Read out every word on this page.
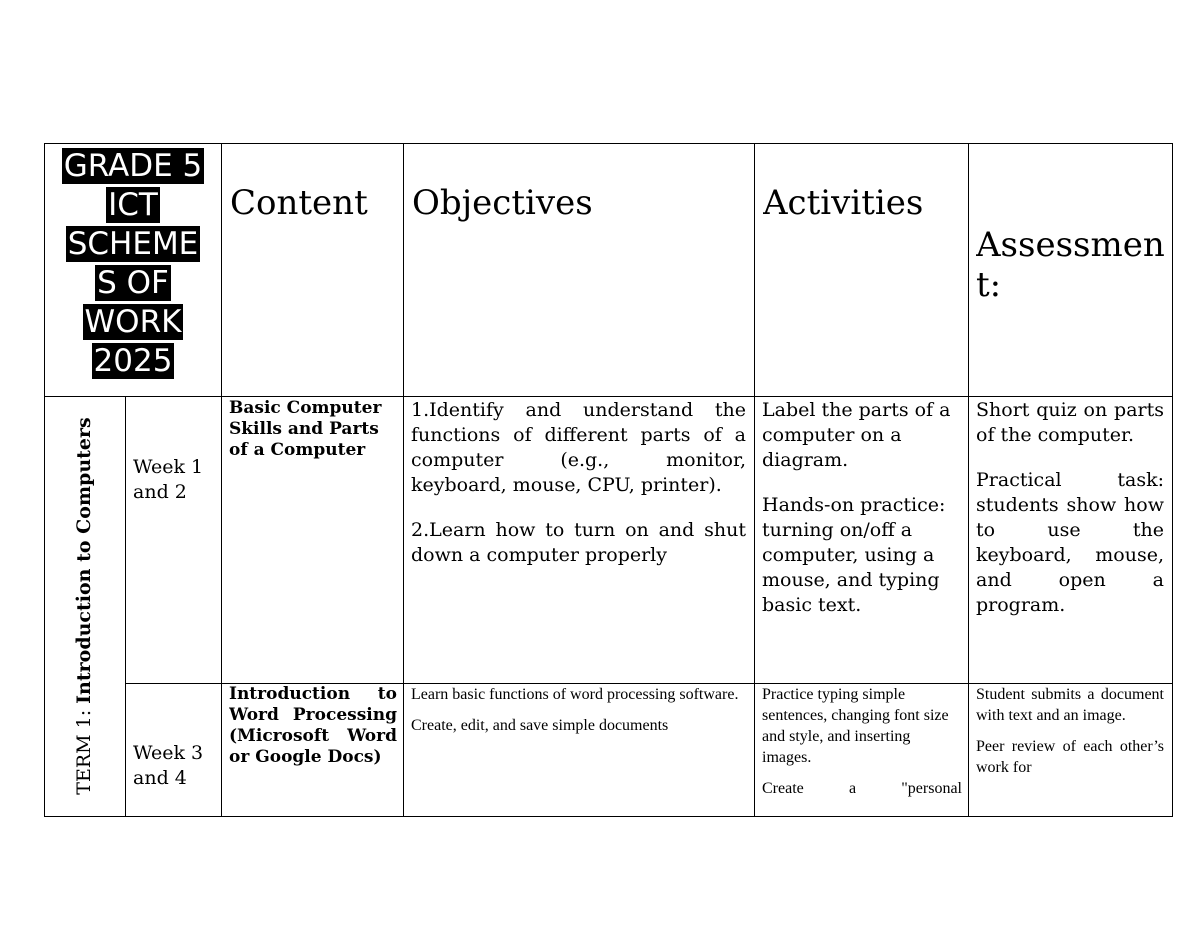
GRADE 5
ICT
SCHEME
S OF
WORK
2025
Content	Objectives	Activities
Assessmen
t:
TERM 1: Introduction to Computers Week 1 and 2
Basic Computer Skills and Parts of a Computer

1.Identify and understand the functions of different parts of a computer (e.g., monitor, keyboard, mouse, CPU, printer).

2.Learn how to turn on and shut down a computer properly

Label the parts of a computer on a diagram.

Hands-on practice: turning on/off a computer, using a mouse, and typing basic text.

Short quiz on parts of the computer.

Practical task: students show how to use the keyboard, mouse, and open a program.

Week 3 and 4
Introduction to Word Processing (Microsoft Word or Google Docs)

Learn basic functions of word processing software.

Create, edit, and save simple documents

Practice typing simple sentences, changing font size and style, and inserting images.

Create a "personal

Student submits a document with text and an image.

Peer review of each other’s work for
